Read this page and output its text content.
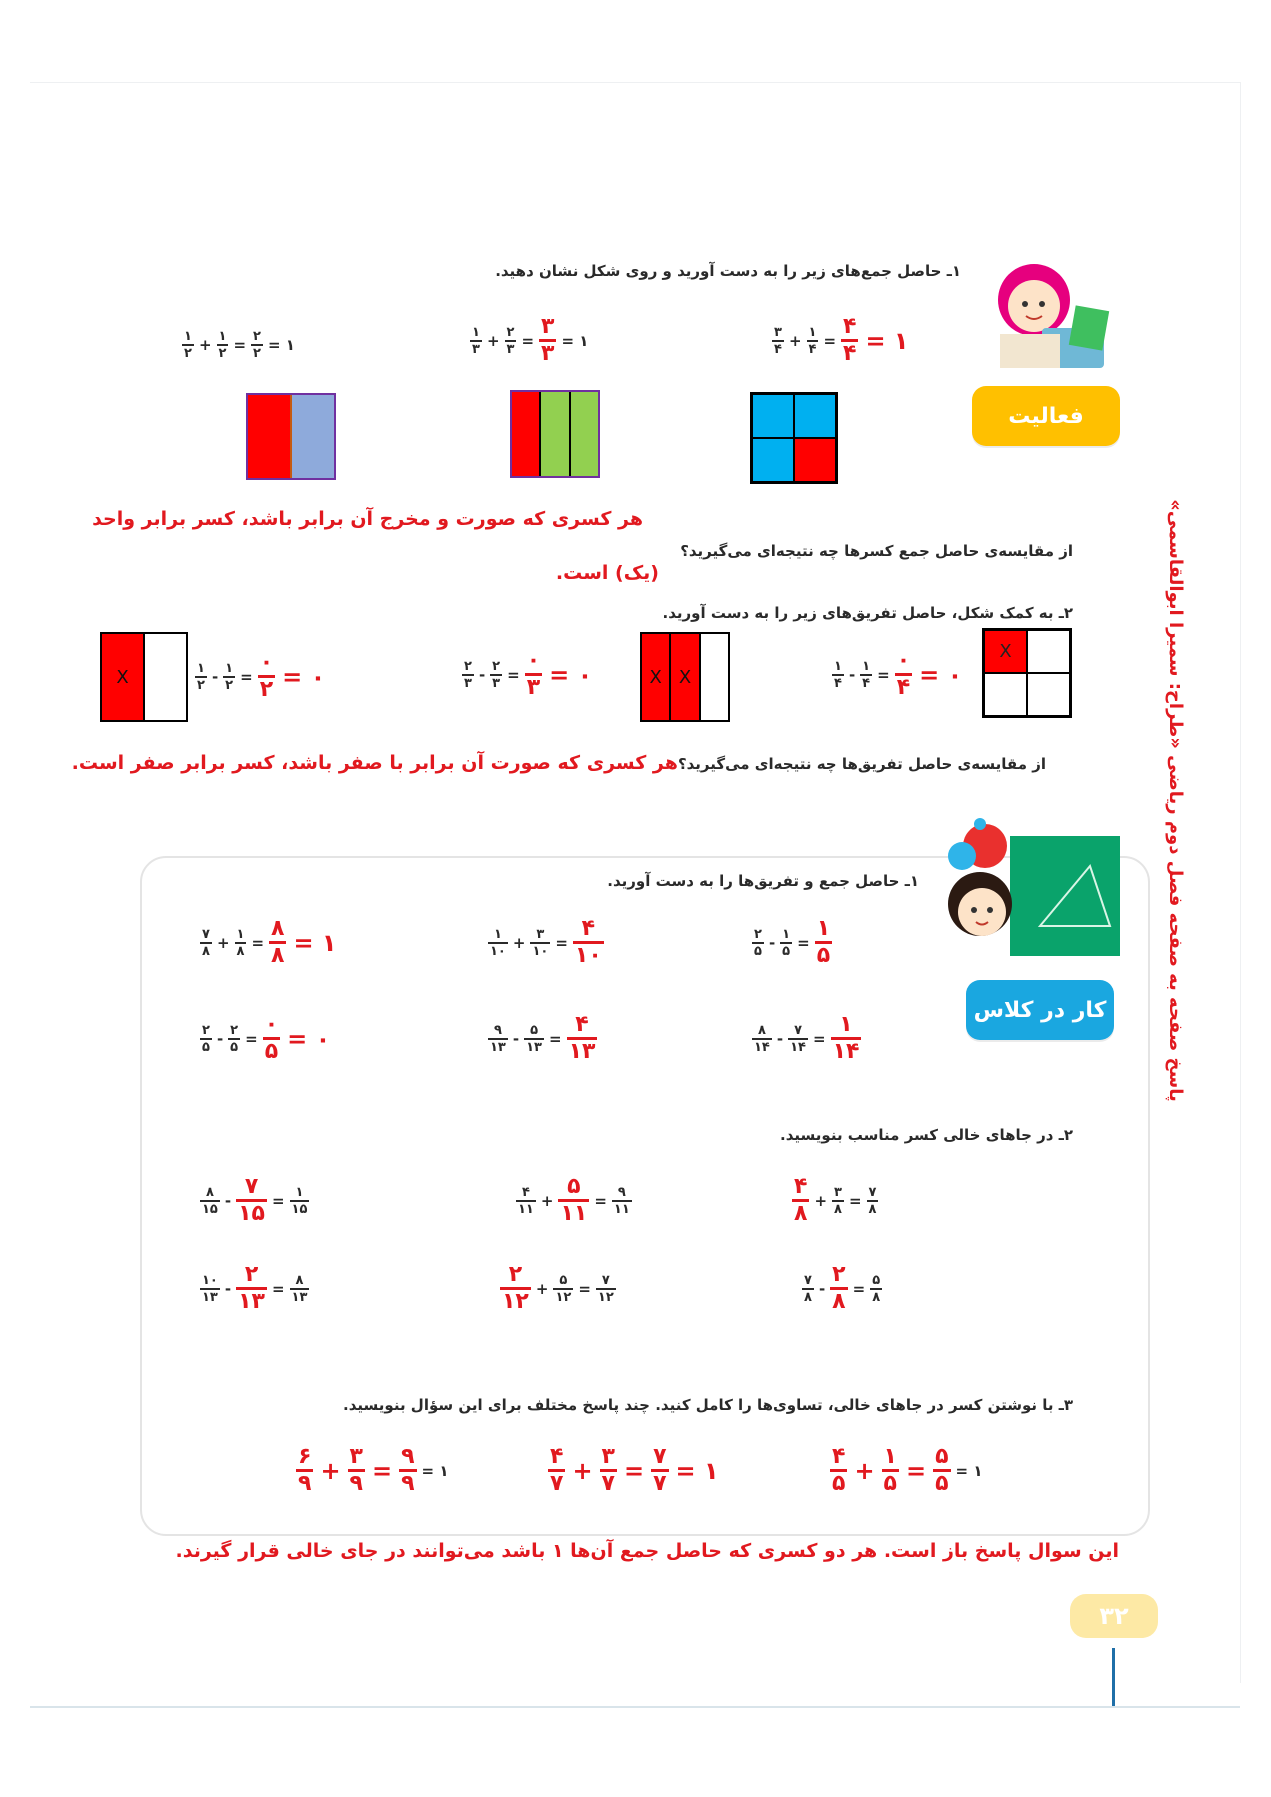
فعالیت
۱ـ حاصل جمع‌های زیر را به دست آورید و روی شکل نشان دهید.
$\frac{۳}{۴} + \frac{۱}{۴} = \frac{۴}{۴}$ = ۱
$\frac{۱}{۳} + \frac{۲}{۳} = \frac{۳}{۳}$ = ۱
$\frac{۱}{۲} + \frac{۱}{۲} = \frac{۲}{۲}$ = ۱
هر کسری که صورت و مخرج آن برابر باشد، کسر برابر واحد
از مقایسه‌ی حاصل جمع کسرها چه نتیجه‌ای می‌گیرید؟
(یک) است.
۲ـ به کمک شکل، حاصل تفریق‌های زیر را به دست آورید.
X
$\frac{۱}{۴} - \frac{۱}{۴} = \frac{۰}{۴}$ = ۰
X X
$\frac{۲}{۳} - \frac{۲}{۳} = \frac{۰}{۳}$ = ۰
$\frac{۱}{۲} - \frac{۱}{۲} = \frac{۰}{۲}$ = ۰
X
از مقایسه‌ی حاصل تفریق‌ها چه نتیجه‌ای می‌گیرید؟هر کسری که صورت آن برابر با صفر باشد، کسر برابر صفر است.
کار در کلاس
۱ـ حاصل جمع و تفریق‌ها را به دست آورید.
$\frac{۲}{۵} - \frac{۱}{۵} = \frac{۱}{۵}$
$\frac{۱}{۱۰} + \frac{۳}{۱۰} = \frac{۴}{۱۰}$
$\frac{۷}{۸} + \frac{۱}{۸} = \frac{۸}{۸}$ = ۱
$\frac{۸}{۱۴} - \frac{۷}{۱۴} = \frac{۱}{۱۴}$
$\frac{۹}{۱۳} - \frac{۵}{۱۳} = \frac{۴}{۱۳}$
$\frac{۲}{۵} - \frac{۲}{۵} = \frac{۰}{۵}$ = ۰
۲ـ در جاهای خالی کسر مناسب بنویسید.
$\frac{۴}{۸} + \frac{۳}{۸} = \frac{۷}{۸}$
$\frac{۴}{۱۱} + \frac{۵}{۱۱} = \frac{۹}{۱۱}$
$\frac{۸}{۱۵} - \frac{۷}{۱۵} = \frac{۱}{۱۵}$
$\frac{۷}{۸} - \frac{۲}{۸} = \frac{۵}{۸}$
$\frac{۲}{۱۲} + \frac{۵}{۱۲} = \frac{۷}{۱۲}$
$\frac{۱۰}{۱۳} - \frac{۲}{۱۳} = \frac{۸}{۱۳}$
۳ـ با نوشتن کسر در جاهای خالی، تساوی‌ها را کامل کنید. چند پاسخ مختلف برای این سؤال بنویسید.
$\frac{۴}{۵} + \frac{۱}{۵} = \frac{۵}{۵}$ = ۱
$\frac{۴}{۷} + \frac{۳}{۷} = \frac{۷}{۷}$ = ۱
$\frac{۶}{۹} + \frac{۳}{۹} = \frac{۹}{۹}$ = ۱
این سوال پاسخ باز است. هر دو کسری که حاصل جمع آن‌ها ۱ باشد می‌توانند در جای خالی قرار گیرند.
۳۲
پاسخ صفحه به صفحه فصل دوم ریاضی «طراح: سمیرا ابوالقاسمی»
